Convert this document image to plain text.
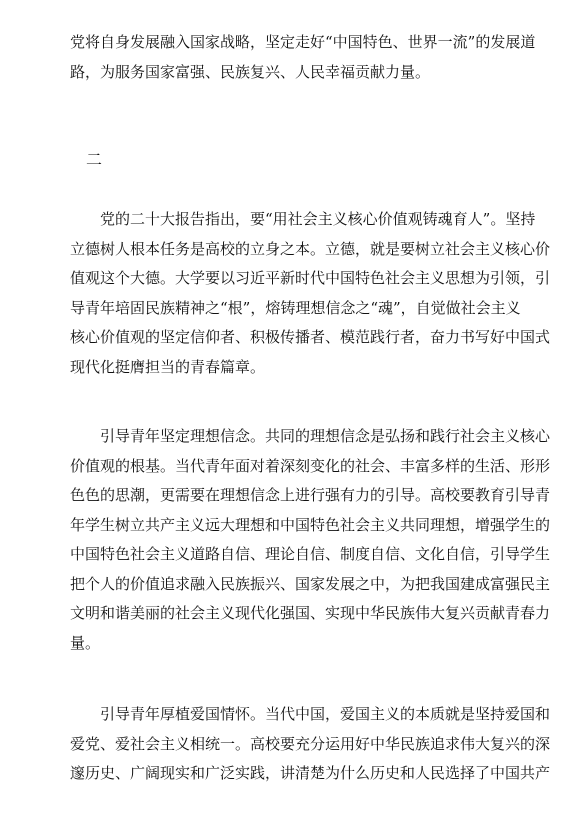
党将自身发展融入国家战略，坚定走好“中国特色、世界一流”的发展道
路，为服务国家富强、民族复兴、人民幸福贡献力量。
二
党的二十大报告指出，要“用社会主义核心价值观铸魂育人”。坚持
立德树人根本任务是高校的立身之本。立德，就是要树立社会主义核心价
值观这个大德。大学要以习近平新时代中国特色社会主义思想为引领，引
导青年培固民族精神之“根”，熔铸理想信念之“魂”，自觉做社会主义
核心价值观的坚定信仰者、积极传播者、模范践行者，奋力书写好中国式
现代化挺膺担当的青春篇章。
引导青年坚定理想信念。共同的理想信念是弘扬和践行社会主义核心
价值观的根基。当代青年面对着深刻变化的社会、丰富多样的生活、形形
色色的思潮，更需要在理想信念上进行强有力的引导。高校要教育引导青
年学生树立共产主义远大理想和中国特色社会主义共同理想，增强学生的
中国特色社会主义道路自信、理论自信、制度自信、文化自信，引导学生
把个人的价值追求融入民族振兴、国家发展之中，为把我国建成富强民主
文明和谐美丽的社会主义现代化强国、实现中华民族伟大复兴贡献青春力
量。
引导青年厚植爱国情怀。当代中国，爱国主义的本质就是坚持爱国和
爱党、爱社会主义相统一。高校要充分运用好中华民族追求伟大复兴的深
邃历史、广阔现实和广泛实践，讲清楚为什么历史和人民选择了中国共产
